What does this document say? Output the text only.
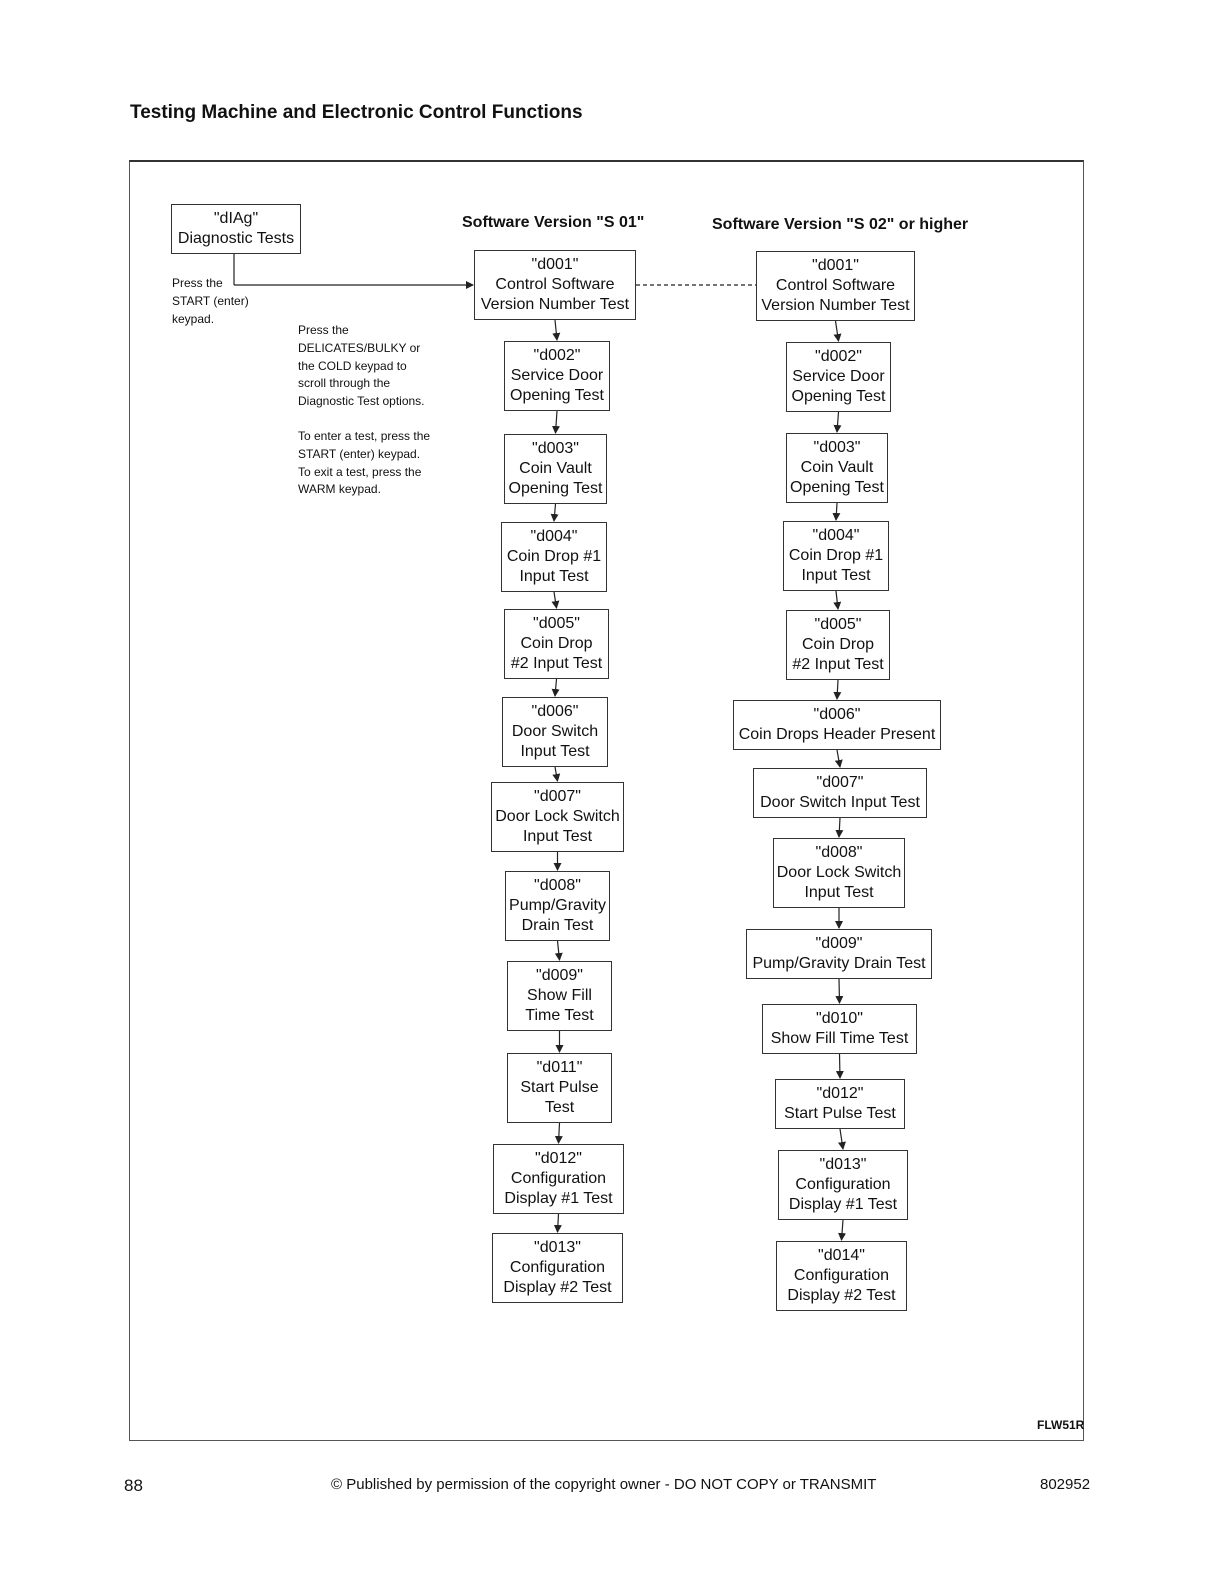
Testing Machine and Electronic Control Functions
"dIAg"
Diagnostic Tests
Press the
START (enter)
keypad.
Press the
DELICATES/BULKY or
the COLD keypad to
scroll through the
Diagnostic Test options.
To enter a test, press the
START (enter) keypad.
To exit a test, press the
WARM keypad.
Software Version "S 01"	Software Version "S 02" or higher
"d001"
Control Software
Version Number Test
"d002"
Service Door
Opening Test
"d003"
Coin Vault
Opening Test
"d004"
Coin Drop #1
Input Test
"d005"
Coin Drop
#2 Input Test
"d006"
Door Switch
Input Test
"d007"
Door Lock Switch
Input Test
"d008"
Pump/Gravity
Drain Test
"d009"
Show Fill
Time Test
"d011"
Start Pulse
Test
"d012"
Configuration
Display #1 Test
"d013"
Configuration
Display #2 Test
"d001"
Control Software
Version Number Test
"d002"
Service Door
Opening Test
"d003"
Coin Vault
Opening Test
"d004"
Coin Drop #1
Input Test
"d005"
Coin Drop
#2 Input Test
"d006"
Coin Drops Header Present
"d007"
Door Switch Input Test
"d008"
Door Lock Switch
Input Test
"d009"
Pump/Gravity Drain Test
"d010"
Show Fill Time Test
"d012"
Start Pulse Test
"d013"
Configuration
Display #1 Test
"d014"
Configuration
Display #2 Test
FLW51R
88	© Published by permission of the copyright owner - DO NOT COPY or TRANSMIT	802952
